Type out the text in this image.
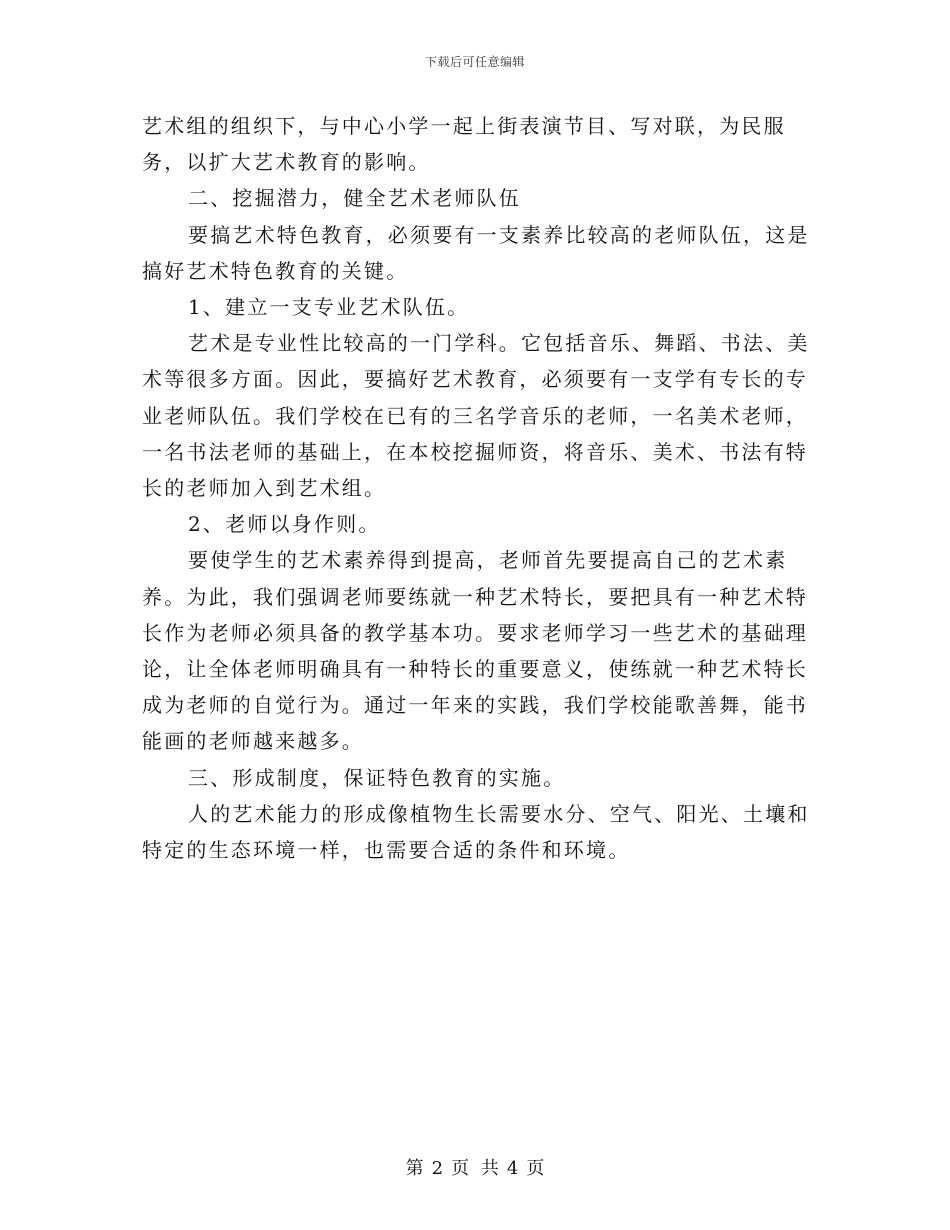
下载后可任意编辑

艺术组的组织下，与中心小学一起上街表演节目、写对联，为民服务，以扩大艺术教育的影响。

二、挖掘潜力，健全艺术老师队伍

要搞艺术特色教育，必须要有一支素养比较高的老师队伍，这是搞好艺术特色教育的关键。

1、建立一支专业艺术队伍。

艺术是专业性比较高的一门学科。它包括音乐、舞蹈、书法、美术等很多方面。因此，要搞好艺术教育，必须要有一支学有专长的专业老师队伍。我们学校在已有的三名学音乐的老师，一名美术老师，一名书法老师的基础上，在本校挖掘师资，将音乐、美术、书法有特长的老师加入到艺术组。

2、老师以身作则。

要使学生的艺术素养得到提高，老师首先要提高自己的艺术素养。为此，我们强调老师要练就一种艺术特长，要把具有一种艺术特长作为老师必须具备的教学基本功。要求老师学习一些艺术的基础理论，让全体老师明确具有一种特长的重要意义，使练就一种艺术特长成为老师的自觉行为。通过一年来的实践，我们学校能歌善舞，能书能画的老师越来越多。

三、形成制度，保证特色教育的实施。

人的艺术能力的形成像植物生长需要水分、空气、阳光、土壤和特定的生态环境一样，也需要合适的条件和环境。

第 2 页 共 4 页
